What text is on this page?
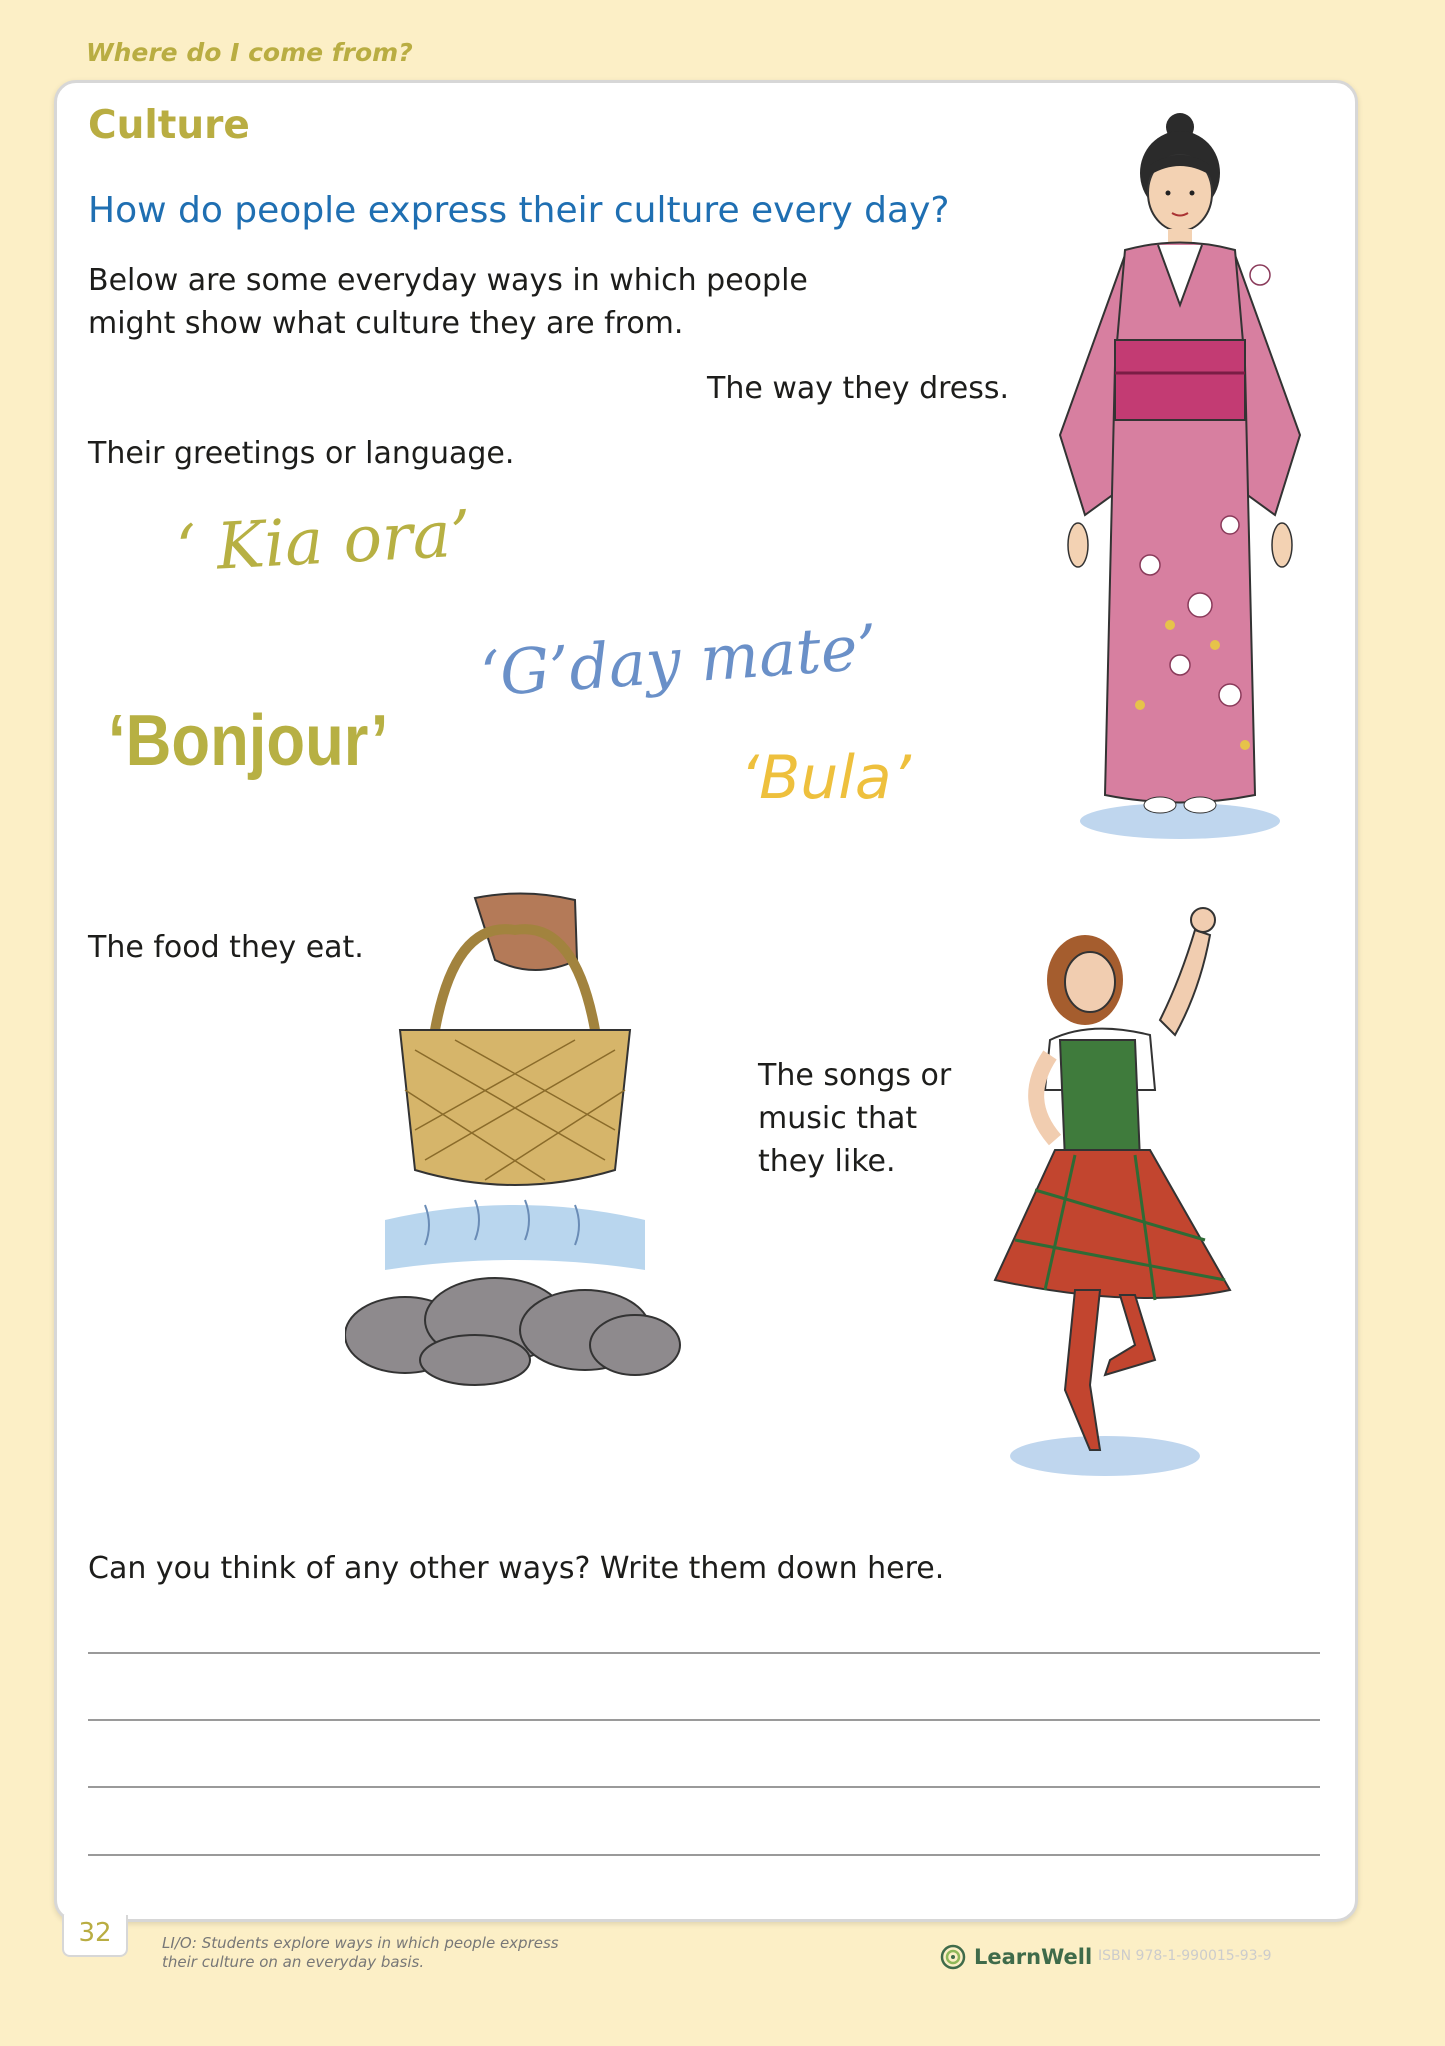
Where do I come from?
Culture
How do people express their culture every day?
Below are some everyday ways in which people might show what culture they are from.
The way they dress.
Their greetings or language.
‘ Kia ora’
‘G’day mate’
‘Bonjour’	‘Bula’
The food they eat.
The songs or music that they like.
Can you think of any other ways? Write them down here.
32	LI/O: Students explore ways in which people express their culture on an everyday basis.	LearnWell ISBN 978-1-990015-93-9
